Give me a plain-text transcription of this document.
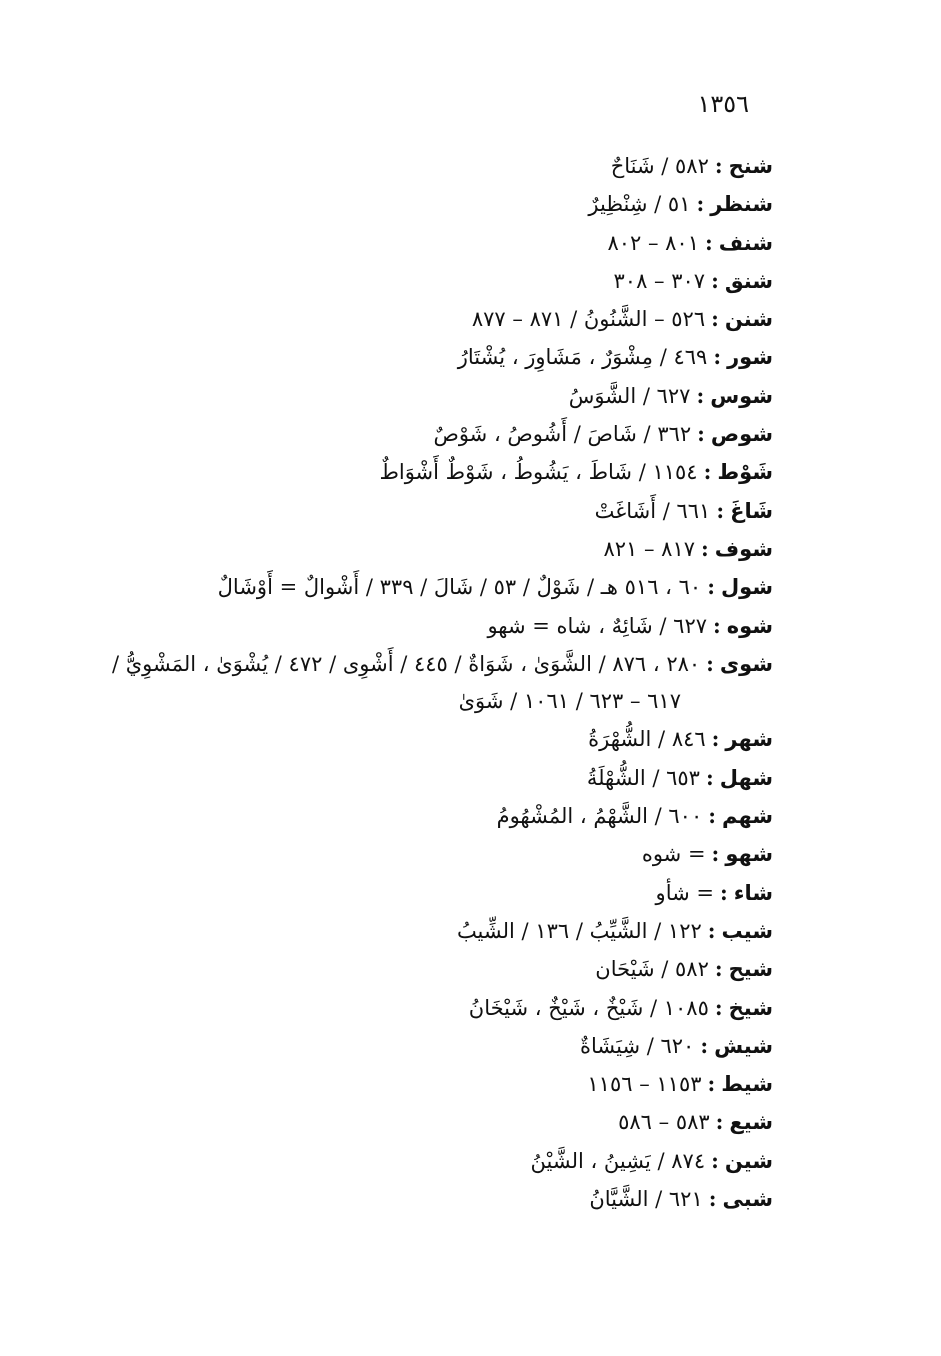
١٣٥٦
شنح:٥٨٢ / شَنَاحٌ
شنظر:٥١ / شِنْظِيرٌ
شنف:٨٠١ – ٨٠٢
شنق:٣٠٧ – ٣٠٨
شنن:٥٢٦ – الشَّنُونُ / ٨٧١ – ٨٧٧
شور:٤٦٩ / مِشْوَرٌ ، مَشَاوِرَ ، يُشْتَارُ
شوس:٦٢٧ / الشَّوَسُ
شوص:٣٦٢ / شَاصَ / أَشُوصُ ، شَوْصٌ
شَوْط:١١٥٤ / شَاطَ ، يَشُوطُ ، شَوْطٌ أَشْوَاطٌ
شَاغَ:٦٦١ / أَشَاغَتْ
شوف:٨١٧ – ٨٢١
شول:٦٠ ، ٥١٦ هـ / شَوْلٌ / ٥٣ / شَالَ / ٣٣٩ / أَشْوالٌ = أَوْشَالٌ
شوه:٦٢٧ / شَائِهٌ ، شاه = شهو
شوى:٢٨٠ ، ٨٧٦ / الشَّوَىٰ ، شَوَاةٌ / ٤٤٥ / أَشْوِى / ٤٧٢ / يُشْوَىٰ ، المَشْوِيُّ /
٦١٧ – ٦٢٣ / ١٠٦١ / شَوَىٰ
شهر:٨٤٦ / الشُّهْرَةُ
شهل:٦٥٣ / الشُّهْلَةُ
شهم:٦٠٠ / الشَّهْمُ ، المُشْهُومُ
شهو:= شوه
شاء:= شأو
شيب:١٢٢ / الشَّيِّبُ / ١٣٦ / الشِّيبُ
شيح:٥٨٢ / شَيْحَان
شيخ:١٠٨٥ / شَيْخٌ ، شَيْخٌ ، شَيْخَانُ
شيش:٦٢٠ / شِيَشَاةٌ
شيط:١١٥٣ – ١١٥٦
شيع:٥٨٣ – ٥٨٦
شين:٨٧٤ / يَشِينُ ، الشَّيْنُ
شبى:٦٢١ / الشَّيَّانُ
